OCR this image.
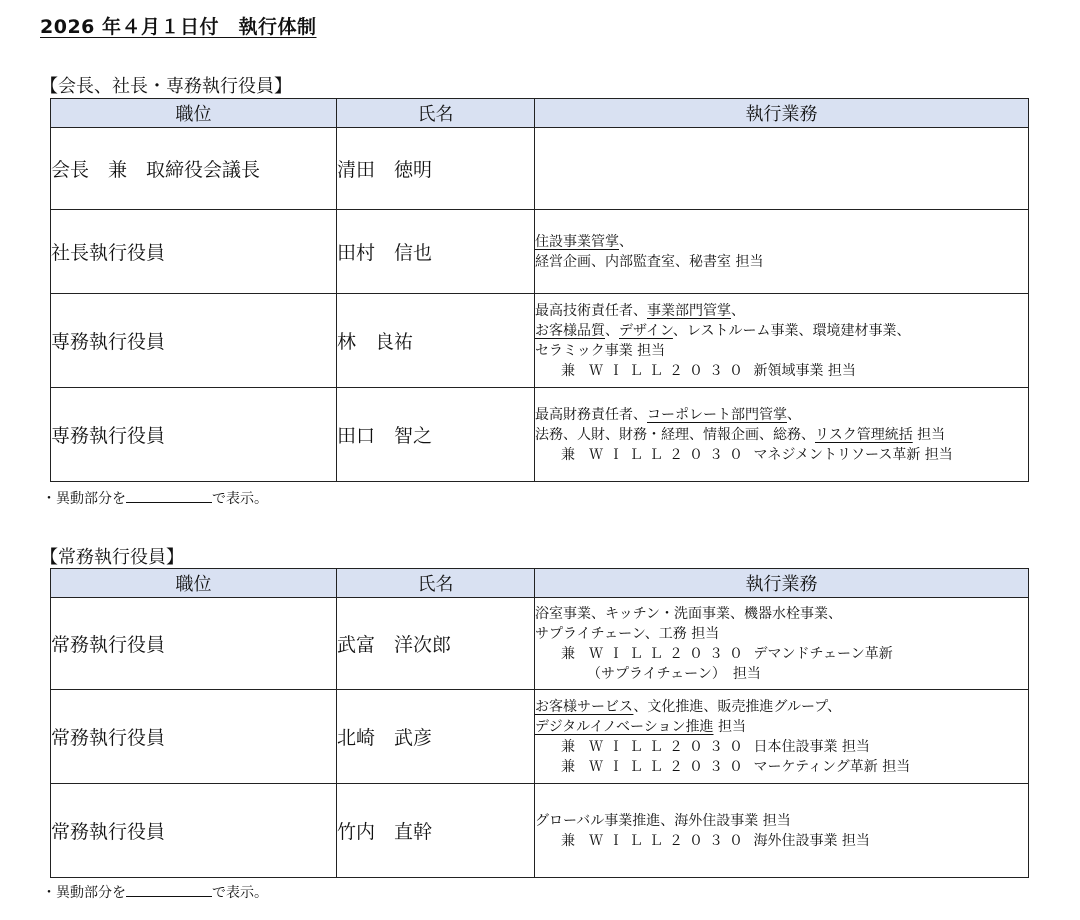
2026 年４月１日付　執行体制
【会長、社長・専務執行役員】
職位	氏名	執行業務
会長　兼　取締役会議長	清田　徳明	
社長執行役員	田村　信也	住設事業管掌、
経営企画、内部監査室、秘書室 担当

専務執行役員	林　良祐	最高技術責任者、事業部門管掌、
お客様品質、デザイン、レストルーム事業、環境建材事業、
セラミック事業 担当
兼　ＷＩＬＬ２０３０ 新領域事業 担当

専務執行役員	田口　智之	最高財務責任者、コーポレート部門管掌、
法務、人財、財務・経理、情報企画、総務、リスク管理統括 担当
兼　ＷＩＬＬ２０３０ マネジメントリソース革新 担当
・異動部分を	で表示。
【常務執行役員】
職位	氏名	執行業務
常務執行役員	武富　洋次郎	浴室事業、キッチン・洗面事業、機器水栓事業、
サプライチェーン、工務 担当
兼　ＷＩＬＬ２０３０ デマンドチェーン革新
（サプライチェーン）　担当

常務執行役員	北崎　武彦	お客様サービス、文化推進、販売推進グループ、
デジタルイノベーション推進 担当
兼　ＷＩＬＬ２０３０ 日本住設事業 担当
兼　ＷＩＬＬ２０３０ マーケティング革新 担当

常務執行役員	竹内　直幹	グローバル事業推進、海外住設事業 担当
兼　ＷＩＬＬ２０３０ 海外住設事業 担当
・異動部分を	で表示。
